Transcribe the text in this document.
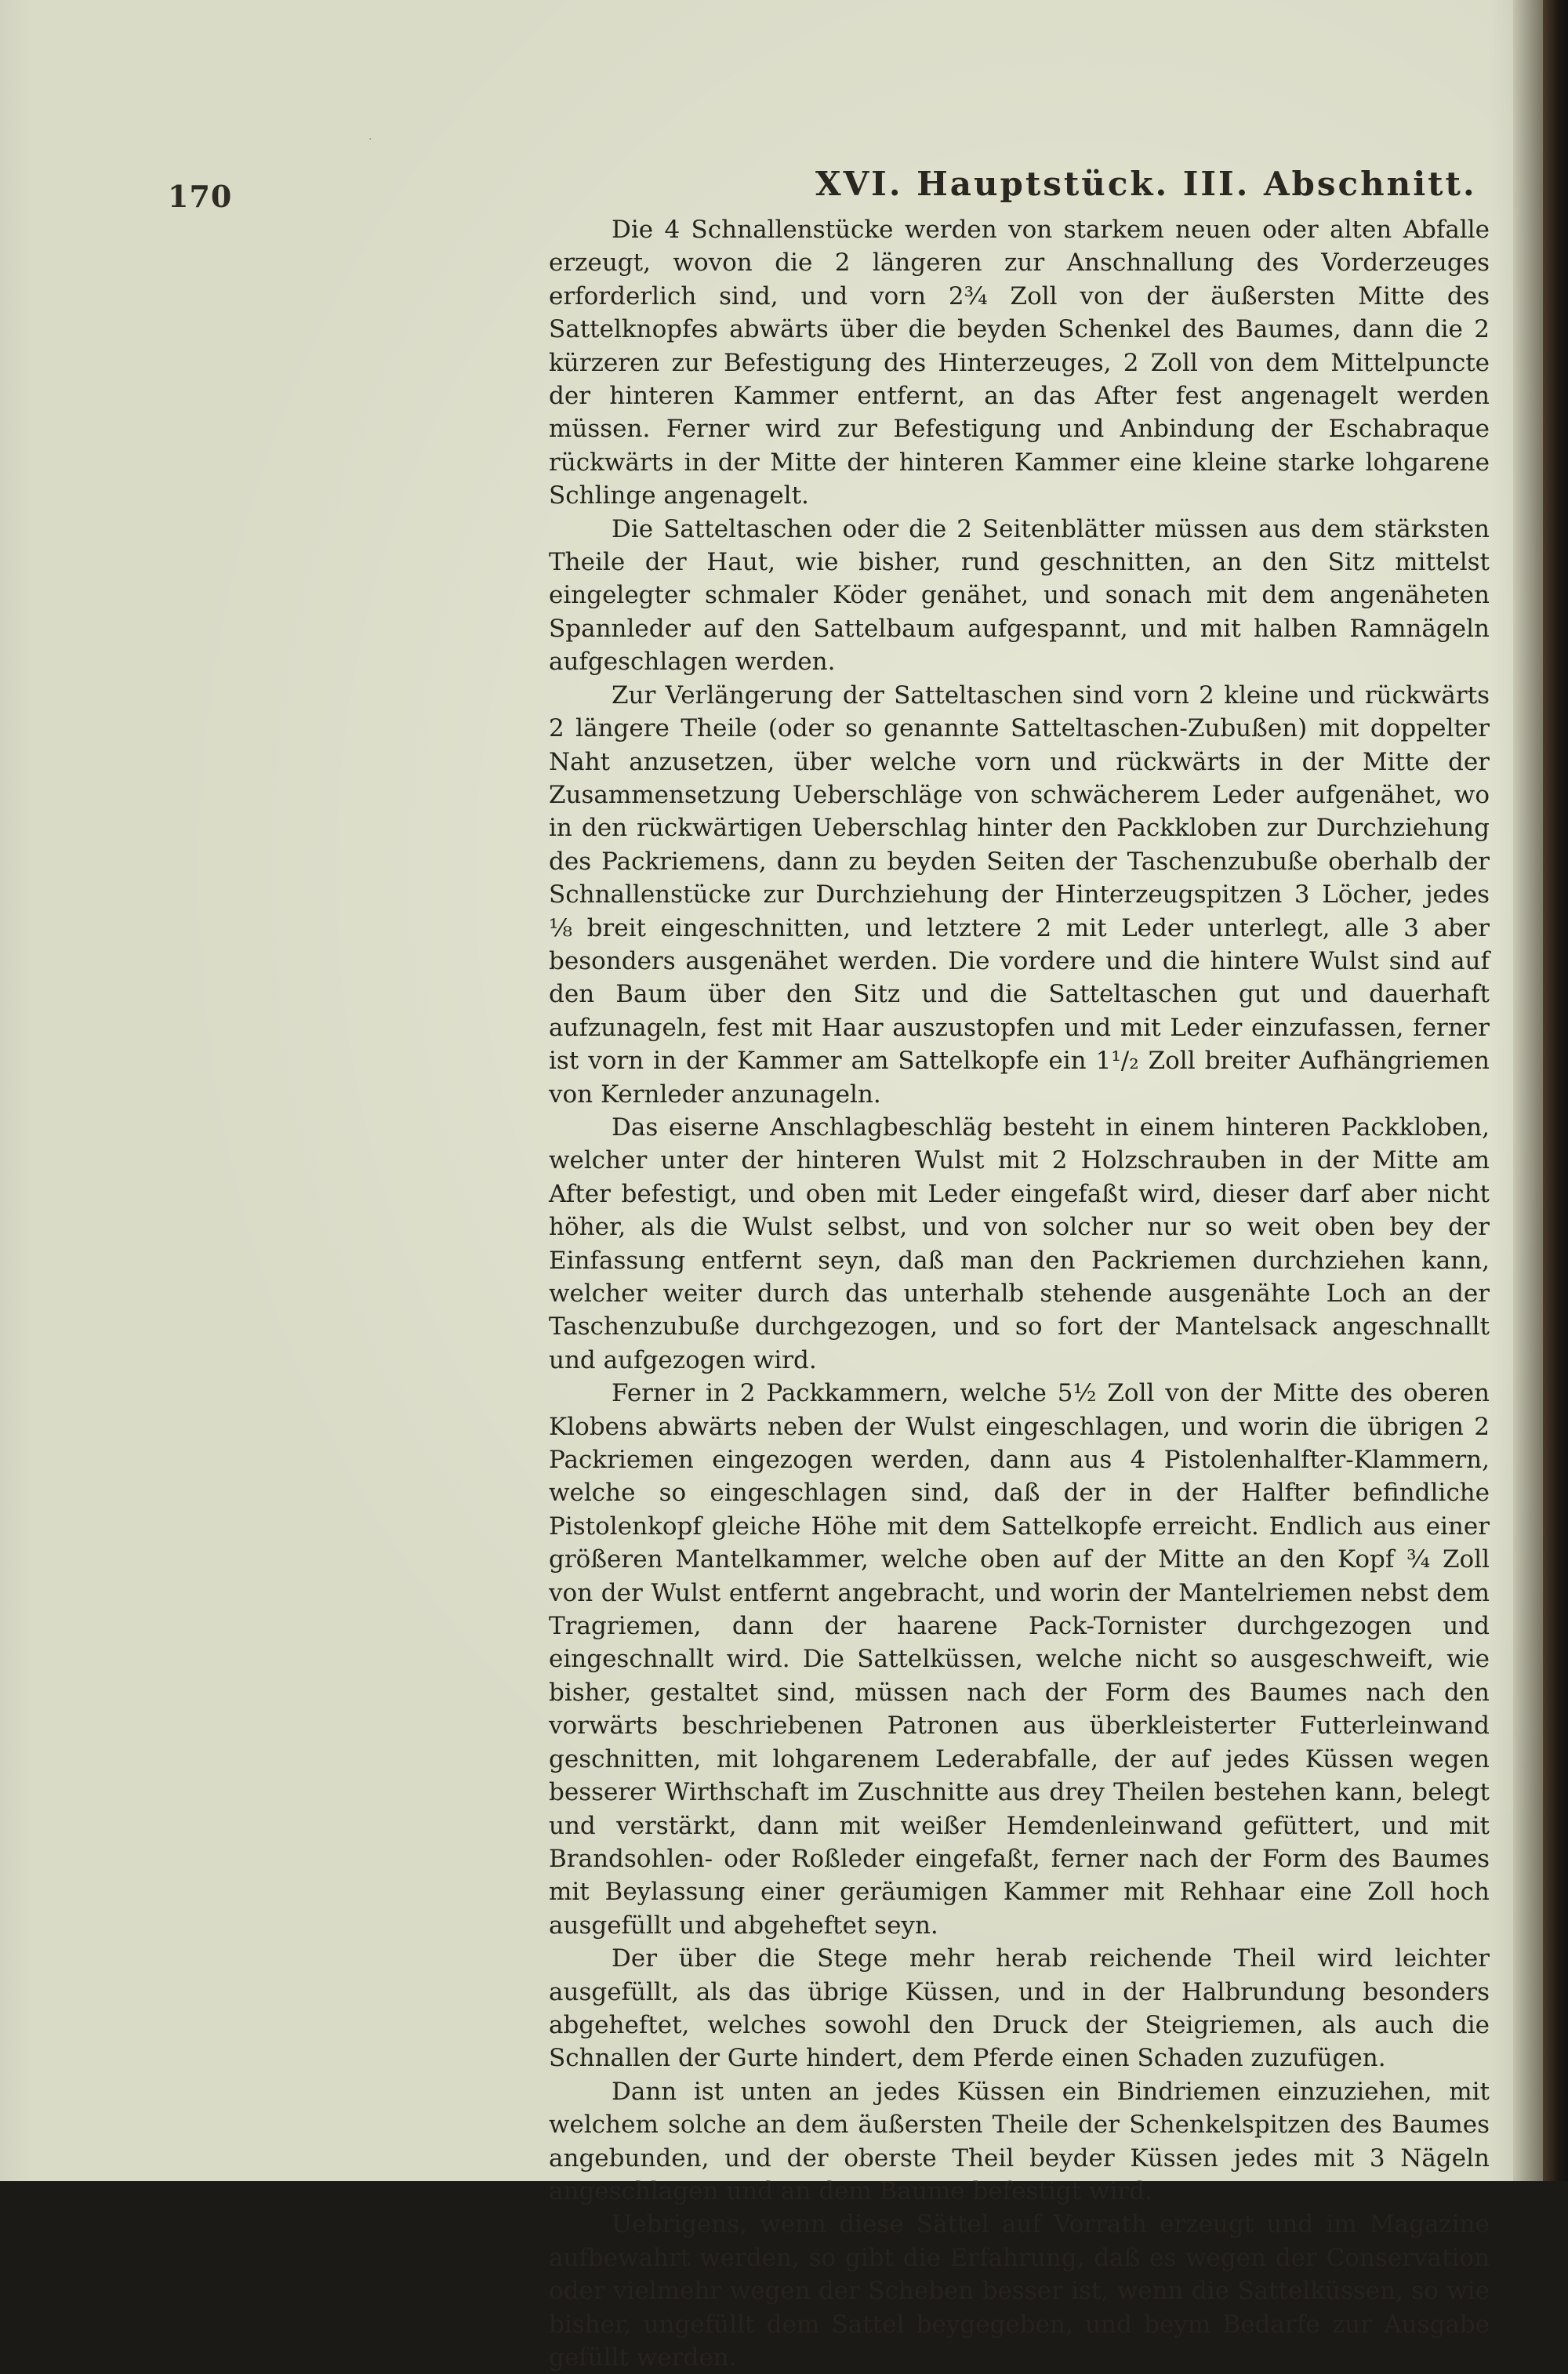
·
170	XVI. Hauptstück. III. Abschnitt.

Die 4 Schnallenstücke werden von starkem neuen oder alten Abfalle erzeugt, wovon die 2 längeren zur Anschnallung des Vorderzeuges erforderlich sind, und vorn 2¾ Zoll von der äußersten Mitte des Sattelknopfes abwärts über die beyden Schenkel des Baumes, dann die 2 kürzeren zur Befestigung des Hinterzeuges, 2 Zoll von dem Mittelpuncte der hinteren Kammer entfernt, an das After fest angenagelt werden müssen. Ferner wird zur Befestigung und Anbindung der Eschabraque rückwärts in der Mitte der hinteren Kammer eine kleine starke lohgarene Schlinge angenagelt.

Die Satteltaschen oder die 2 Seitenblätter müssen aus dem stärksten Theile der Haut, wie bisher, rund geschnitten, an den Sitz mittelst eingelegter schmaler Köder genähet, und sonach mit dem angenäheten Spannleder auf den Sattelbaum aufgespannt, und mit halben Ramnägeln aufgeschlagen werden.

Zur Verlängerung der Satteltaschen sind vorn 2 kleine und rückwärts 2 längere Theile (oder so genannte Satteltaschen-Zubußen) mit doppelter Naht anzusetzen, über welche vorn und rückwärts in der Mitte der Zusammensetzung Ueberschläge von schwächerem Leder aufgenähet, wo in den rückwärtigen Ueberschlag hinter den Packkloben zur Durchziehung des Packriemens, dann zu beyden Seiten der Taschenzubuße oberhalb der Schnallenstücke zur Durchziehung der Hinterzeugspitzen 3 Löcher, jedes ⅛ breit eingeschnitten, und letztere 2 mit Leder unterlegt, alle 3 aber besonders ausgenähet werden. Die vordere und die hintere Wulst sind auf den Baum über den Sitz und die Satteltaschen gut und dauerhaft aufzunageln, fest mit Haar auszustopfen und mit Leder einzufassen, ferner ist vorn in der Kammer am Sattelkopfe ein 1¹/₂ Zoll breiter Aufhängriemen von Kernleder anzunageln.

Das eiserne Anschlagbeschläg besteht in einem hinteren Packkloben, welcher unter der hinteren Wulst mit 2 Holzschrauben in der Mitte am After befestigt, und oben mit Leder eingefaßt wird, dieser darf aber nicht höher, als die Wulst selbst, und von solcher nur so weit oben bey der Einfassung entfernt seyn, daß man den Packriemen durchziehen kann, welcher weiter durch das unterhalb stehende ausgenähte Loch an der Taschenzubuße durchgezogen, und so fort der Mantelsack angeschnallt und aufgezogen wird.

Ferner in 2 Packkammern, welche 5½ Zoll von der Mitte des oberen Klobens abwärts neben der Wulst eingeschlagen, und worin die übrigen 2 Packriemen eingezogen werden, dann aus 4 Pistolenhalfter-Klammern, welche so eingeschlagen sind, daß der in der Halfter befindliche Pistolenkopf gleiche Höhe mit dem Sattelkopfe erreicht. Endlich aus einer größeren Mantelkammer, welche oben auf der Mitte an den Kopf ¾ Zoll von der Wulst entfernt angebracht, und worin der Mantelriemen nebst dem Tragriemen, dann der haarene Pack-Tornister durchgezogen und eingeschnallt wird. Die Sattelküssen, welche nicht so ausgeschweift, wie bisher, gestaltet sind, müssen nach der Form des Baumes nach den vorwärts beschriebenen Patronen aus überkleisterter Futterleinwand geschnitten, mit lohgarenem Lederabfalle, der auf jedes Küssen wegen besserer Wirthschaft im Zuschnitte aus drey Theilen bestehen kann, belegt und verstärkt, dann mit weißer Hemdenleinwand gefüttert, und mit Brandsohlen- oder Roßleder eingefaßt, ferner nach der Form des Baumes mit Beylassung einer geräumigen Kammer mit Rehhaar eine Zoll hoch ausgefüllt und abgeheftet seyn.

Der über die Stege mehr herab reichende Theil wird leichter ausgefüllt, als das übrige Küssen, und in der Halbrundung besonders abgeheftet, welches sowohl den Druck der Steigriemen, als auch die Schnallen der Gurte hindert, dem Pferde einen Schaden zuzufügen.

Dann ist unten an jedes Küssen ein Bindriemen einzuziehen, mit welchem solche an dem äußersten Theile der Schenkelspitzen des Baumes angebunden, und der oberste Theil beyder Küssen jedes mit 3 Nägeln angeschlagen und an dem Baume befestigt wird.

Uebrigens, wenn diese Sättel auf Vorrath erzeugt und im Magazine aufbewahrt werden, so gibt die Erfahrung, daß es wegen der Conservation oder vielmehr wegen der Scheben besser ist, wenn die Sattelküssen, so wie bisher, ungefüllt dem Sattel beygegeben, und beym Bedarfe zur Ausgabe gefüllt werden.
